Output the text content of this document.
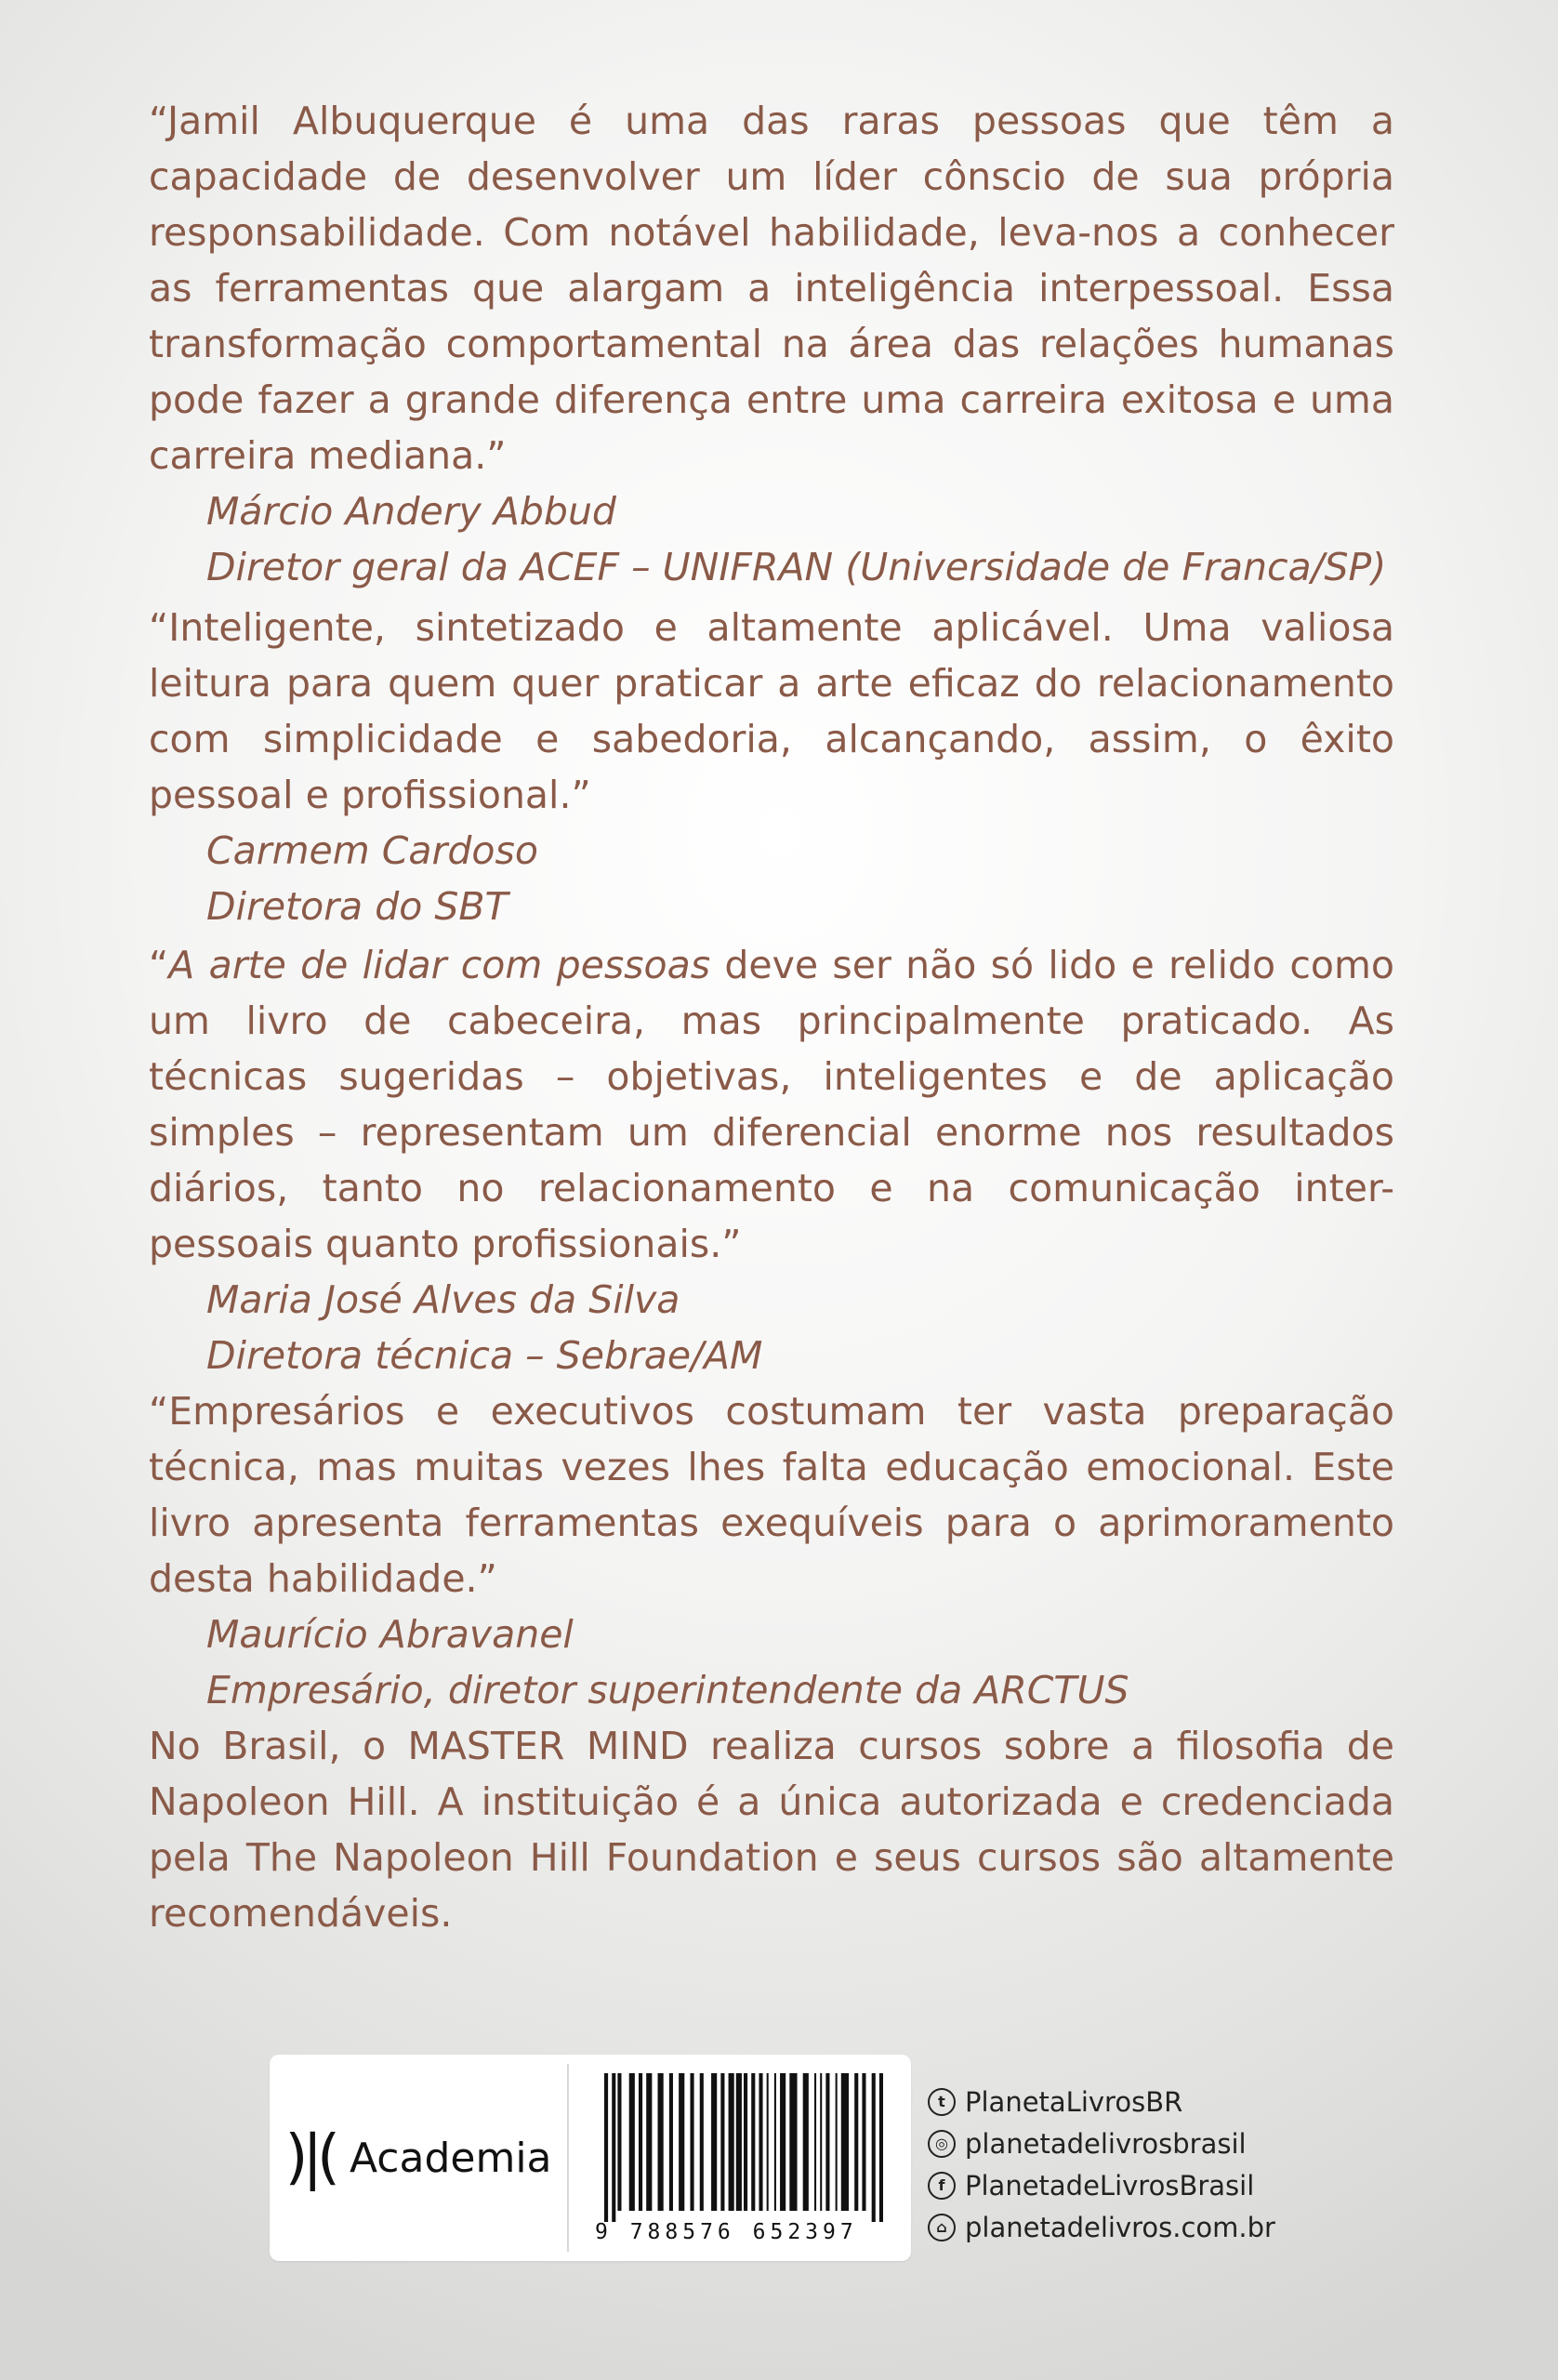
“Jamil Albuquerque é uma das raras pessoas que têm a capacidade de desenvolver um líder cônscio de sua própria responsabilidade. Com notável habilidade, leva-nos a conhecer as ferramentas que alargam a inteligência interpessoal. Essa transformação comportamental na área das relações humanas pode fazer a grande diferença entre uma carreira exitosa e uma carreira mediana.”

Márcio Andery Abbud

Diretor geral da ACEF – UNIFRAN (Universidade de Franca/SP)

“Inteligente, sintetizado e altamente aplicável. Uma valiosa leitura para quem quer praticar a arte eficaz do relacionamento com simplicidade e sabedoria, alcançando, assim, o êxito pessoal e profissional.”

Carmem Cardoso

Diretora do SBT

“A arte de lidar com pessoas deve ser não só lido e relido como um livro de cabeceira, mas principalmente praticado. As técnicas sugeridas – objetivas, inteligentes e de aplicação simples – representam um diferencial enorme nos resultados diários, tanto no relacionamento e na comunicação inter-pessoais quanto profissionais.”

Maria José Alves da Silva

Diretora técnica – Sebrae/AM

“Empresários e executivos costumam ter vasta preparação técnica, mas muitas vezes lhes falta educação emocional. Este livro apresenta ferramentas exequíveis para o aprimoramento desta habilidade.”

Maurício Abravanel

Empresário, diretor superintendente da ARCTUS

No Brasil, o MASTER MIND realiza cursos sobre a filosofia de Napoleon Hill. A instituição é a única autorizada e credenciada pela The Napoleon Hill Foundation e seus cursos são altamente recomendáveis.

)|( Academia
9 788576 652397
t PlanetaLivrosBR
◎ planetadelivrosbrasil
f PlanetadeLivrosBrasil
⌂ planetadelivros.com.br
